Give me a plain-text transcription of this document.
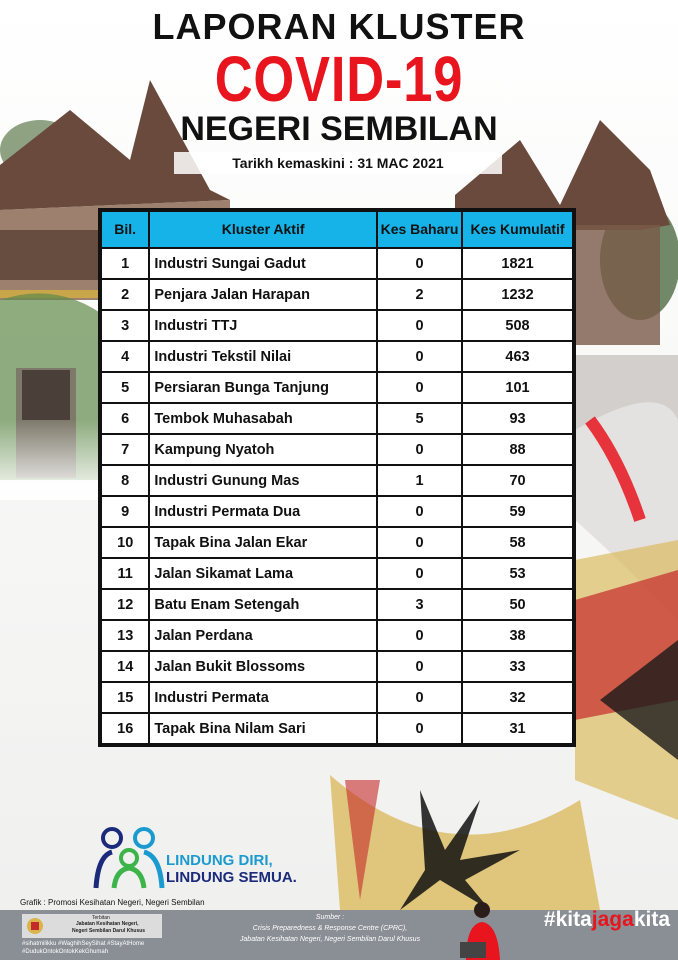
LAPORAN KLUSTER
COVID-19
NEGERI SEMBILAN
Tarikh kemaskini : 31 MAC 2021
Bil.	Kluster Aktif	Kes Baharu	Kes Kumulatif
1	Industri Sungai Gadut	0	1821
2	Penjara Jalan Harapan	2	1232
3	Industri TTJ	0	508
4	Industri Tekstil Nilai	0	463
5	Persiaran Bunga Tanjung	0	101
6	Tembok Muhasabah	5	93
7	Kampung Nyatoh	0	88
8	Industri Gunung Mas	1	70
9	Industri Permata Dua	0	59
10	Tapak Bina Jalan Ekar	0	58
11	Jalan Sikamat Lama	0	53
12	Batu Enam Setengah	3	50
13	Jalan Perdana	0	38
14	Jalan Bukit Blossoms	0	33
15	Industri Permata	0	32
16	Tapak Bina Nilam Sari	0	31
LINDUNG DIRI,
LINDUNG SEMUA.
Grafik : Promosi Kesihatan Negeri, Negeri Sembilan
Terbitan
Jabatan Kesihatan Negeri,
Negeri Sembilan Darul Khusus
#sihatmilikku #WaghihSeySihat #StayAtHome
#DudukOntokOntokKekGhumah
Sumber :
Crisis Preparedness & Response Centre (CPRC),
Jabatan Kesihatan Negeri, Negeri Sembilan Darul Khusus
#kitajagakita
